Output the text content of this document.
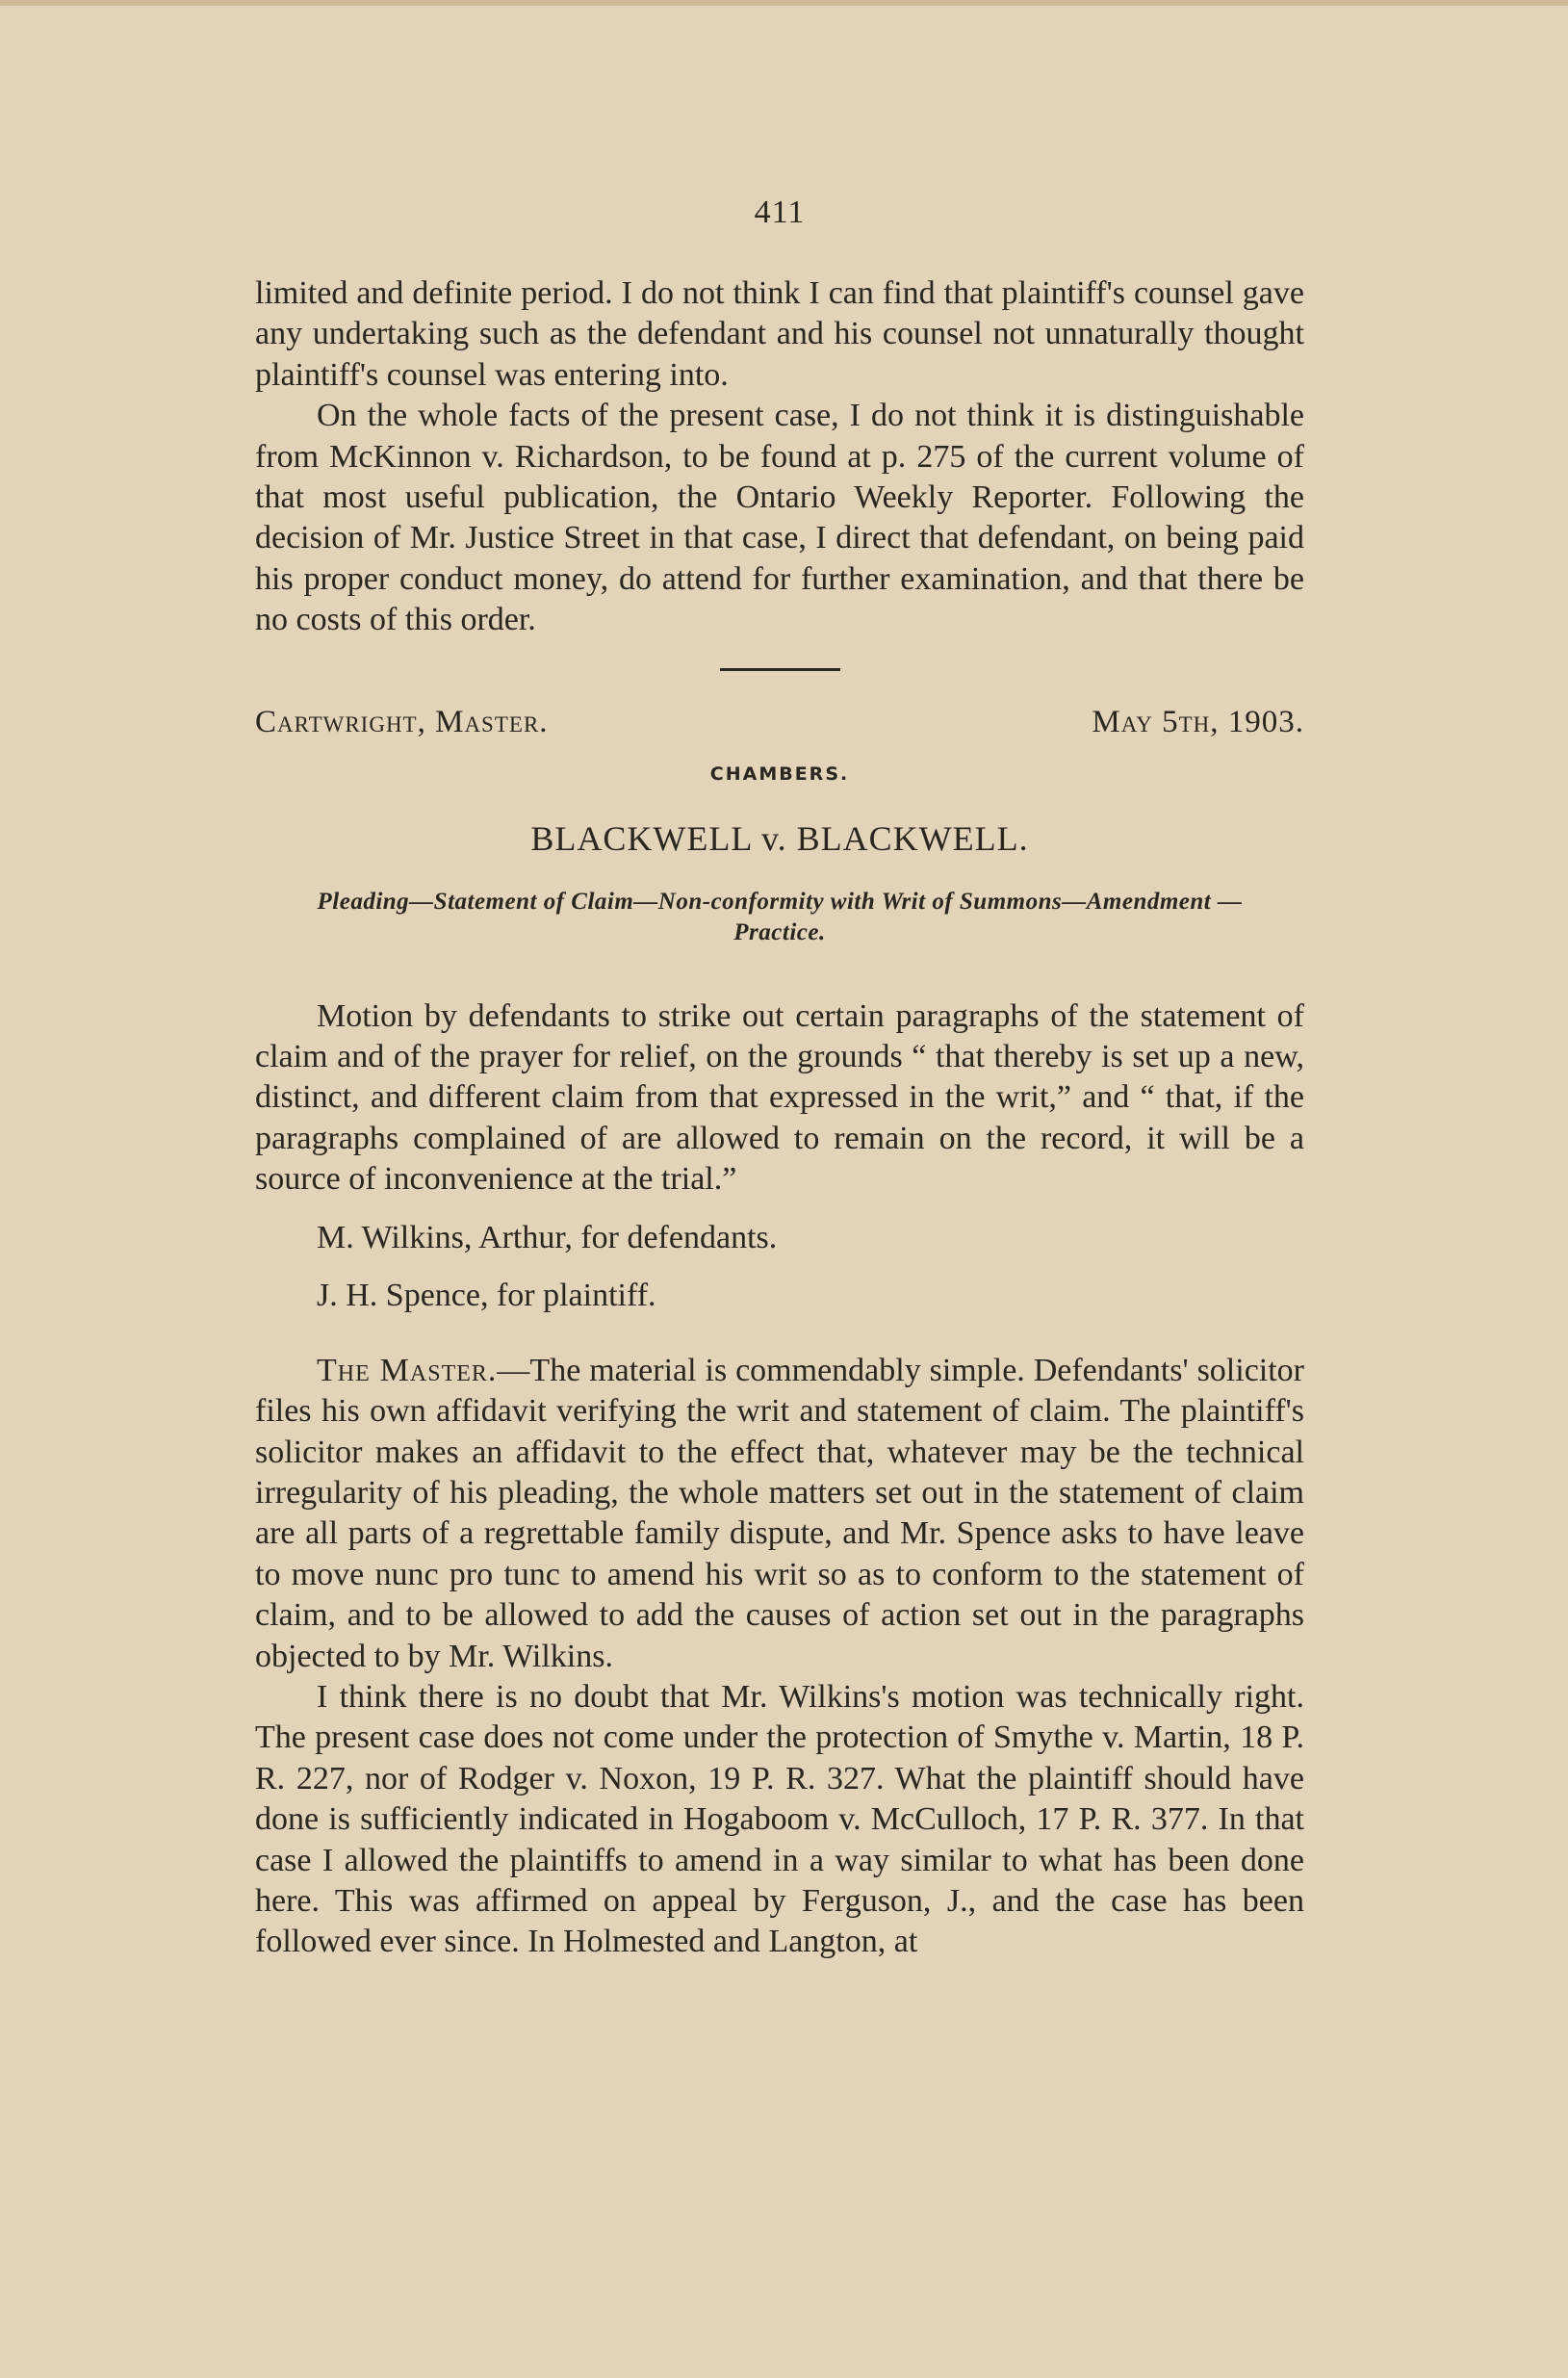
411

limited and definite period. I do not think I can find that plaintiff's counsel gave any undertaking such as the defendant and his counsel not unnaturally thought plaintiff's counsel was entering into.

On the whole facts of the present case, I do not think it is distinguishable from McKinnon v. Richardson, to be found at p. 275 of the current volume of that most useful publication, the Ontario Weekly Reporter. Following the decision of Mr. Justice Street in that case, I direct that defendant, on being paid his proper conduct money, do attend for further examination, and that there be no costs of this order.

Cartwright, Master.	May 5th, 1903.
CHAMBERS.
BLACKWELL v. BLACKWELL.
Pleading—Statement of Claim—Non-conformity with Writ of Summons—Amendment — Practice.

Motion by defendants to strike out certain paragraphs of the statement of claim and of the prayer for relief, on the grounds “ that thereby is set up a new, distinct, and different claim from that expressed in the writ,” and “ that, if the paragraphs complained of are allowed to remain on the record, it will be a source of inconvenience at the trial.”

M. Wilkins, Arthur, for defendants.

J. H. Spence, for plaintiff.

The Master.—The material is commendably simple. Defendants' solicitor files his own affidavit verifying the writ and statement of claim. The plaintiff's solicitor makes an affidavit to the effect that, whatever may be the technical irregularity of his pleading, the whole matters set out in the statement of claim are all parts of a regrettable family dispute, and Mr. Spence asks to have leave to move nunc pro tunc to amend his writ so as to conform to the statement of claim, and to be allowed to add the causes of action set out in the paragraphs objected to by Mr. Wilkins.

I think there is no doubt that Mr. Wilkins's motion was technically right. The present case does not come under the protection of Smythe v. Martin, 18 P. R. 227, nor of Rodger v. Noxon, 19 P. R. 327. What the plaintiff should have done is sufficiently indicated in Hogaboom v. McCulloch, 17 P. R. 377. In that case I allowed the plaintiffs to amend in a way similar to what has been done here. This was affirmed on appeal by Ferguson, J., and the case has been followed ever since. In Holmested and Langton, at
